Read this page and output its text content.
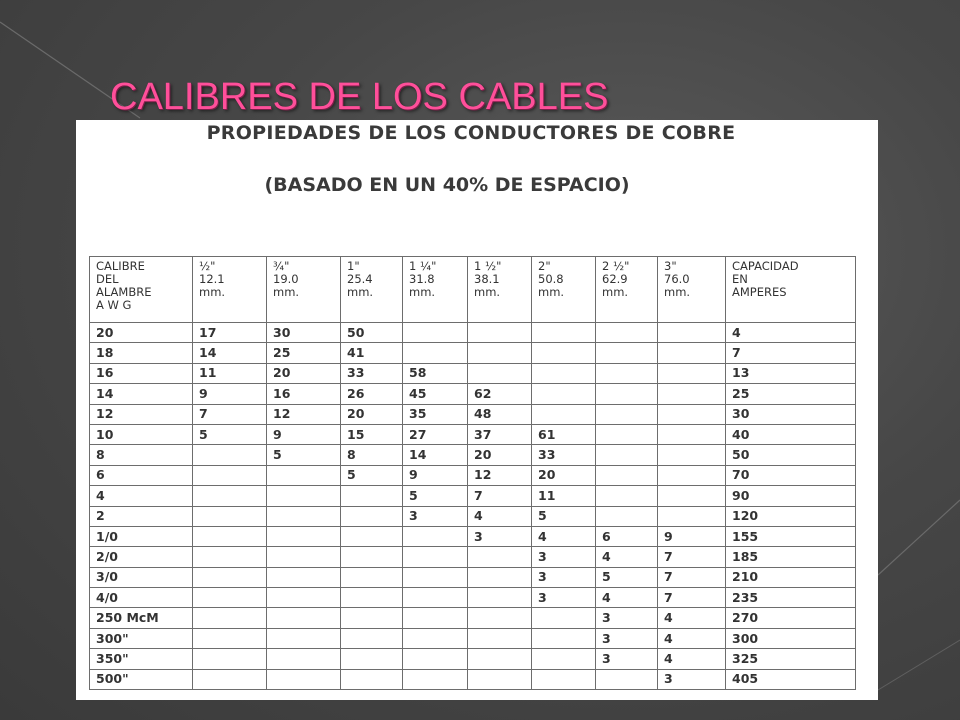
CALIBRES DE LOS CABLES
PROPIEDADES DE LOS CONDUCTORES DE COBRE
(BASADO EN UN 40% DE ESPACIO)
CALIBRE
DEL
ALAMBRE
A W G	½"
12.1
mm.	¾"
19.0
mm.	1"
25.4
mm.	1 ¼"
31.8
mm.	1 ½"
38.1
mm.	2"
50.8
mm.	2 ½"
62.9
mm.	3"
76.0
mm.	CAPACIDAD
EN
AMPERES
20	17	30	50						4
18	14	25	41						7
16	11	20	33	58					13
14	9	16	26	45	62				25
12	7	12	20	35	48				30
10	5	9	15	27	37	61			40
8		5	8	14	20	33			50
6			5	9	12	20			70
4				5	7	11			90
2				3	4	5			120
1/0					3	4	6	9	155
2/0						3	4	7	185
3/0						3	5	7	210
4/0						3	4	7	235
250 McM							3	4	270
300"							3	4	300
350"							3	4	325
500"								3	405
